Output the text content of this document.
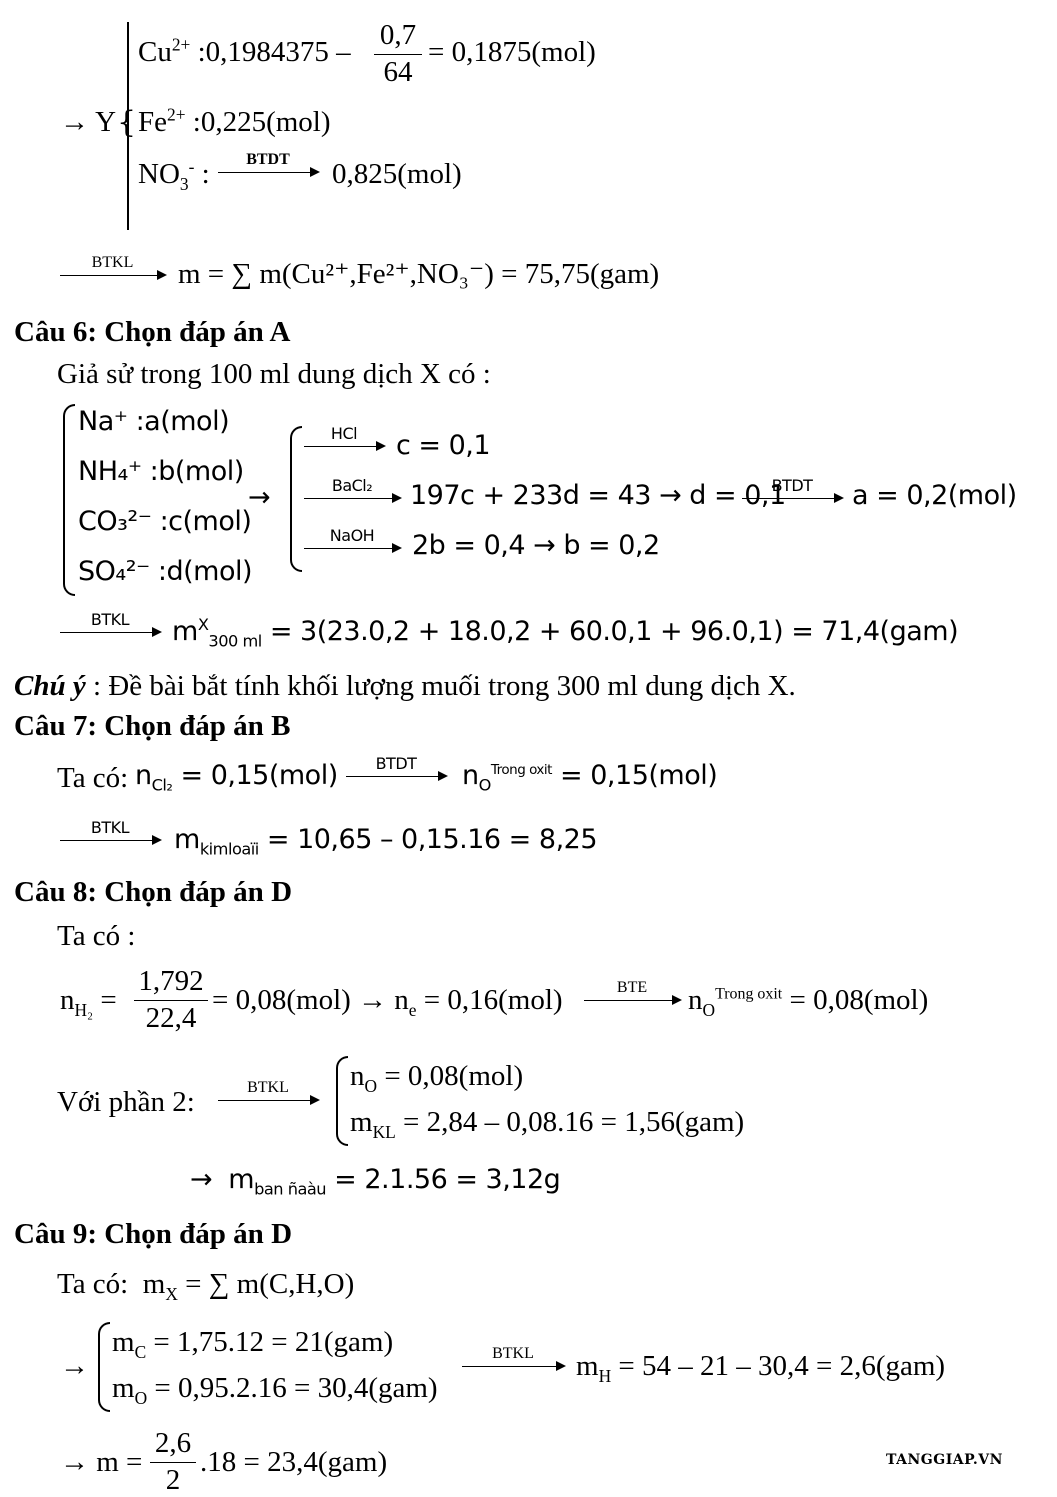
{
$Cu^{2+}$ :0,1984375 –
0,7
64
= 0,1875(mol)
→ Y $Fe^{2+}$ :0,225(mol)
$NO_3^-$ :	BTDT	0,825(mol)
BTKL	m = ∑ m(Cu²⁺,Fe²⁺,NO₃⁻) = 75,75(gam)
Câu 6: Chọn đáp án A
Giả sử trong 100 ml dung dịch X có :
Na⁺ :a(mol)
NH₄⁺ :b(mol)
CO₃²⁻ :c(mol)
SO₄²⁻ :d(mol)
→
HCl	c = 0,1
BaCl₂	197c + 233d = 43 → d = 0,1
BTDT	a = 0,2(mol)
NaOH	2b = 0,4 → b = 0,2
BTKL	$m^X_{300 ml} = 3(23.0,2 + 18.0,2 + 60.0,1 + 96.0,1) = 71,4(gam)$
Chú ý : Đề bài bắt tính khối lượng muối trong 300 ml dung dịch X.
Câu 7: Chọn đáp án B
Ta có: $n_{Cl_2} = 0,15(mol)$	BTDT	$n_O^{Trong oxit} = 0,15(mol)$
BTKL	$m_{kimloaïi} = 10,65 - 0,15.16 = 8,25$
Câu 8: Chọn đáp án D
Ta có :
$n_{H_2}$ =
1,792
22,4
= $0,08(mol) \to n_e = 0,16(mol)$	BTE	$n_O^{Trong oxit} = 0,08(mol)$
Với phần 2:	BTKL	$n_O = 0,08(mol)$
$m_{KL} = 2,84 - 0,08.16 = 1,56(gam)$
→ $m_{ban ñaàu} = 2.1.56 = 3,12g$
Câu 9: Chọn đáp án D
Ta có: $m_X$ = ∑ m(C,H,O)
→
$m_C = 1,75.12 = 21(gam)$
$m_O = 0,95.2.16 = 30,4(gam)$
BTKL	$m_H = 54 - 21 - 30,4 = 2,6(gam)$
→ m =
2,6
2
.18 = 23,4(gam)	TANGGIAP.VN
